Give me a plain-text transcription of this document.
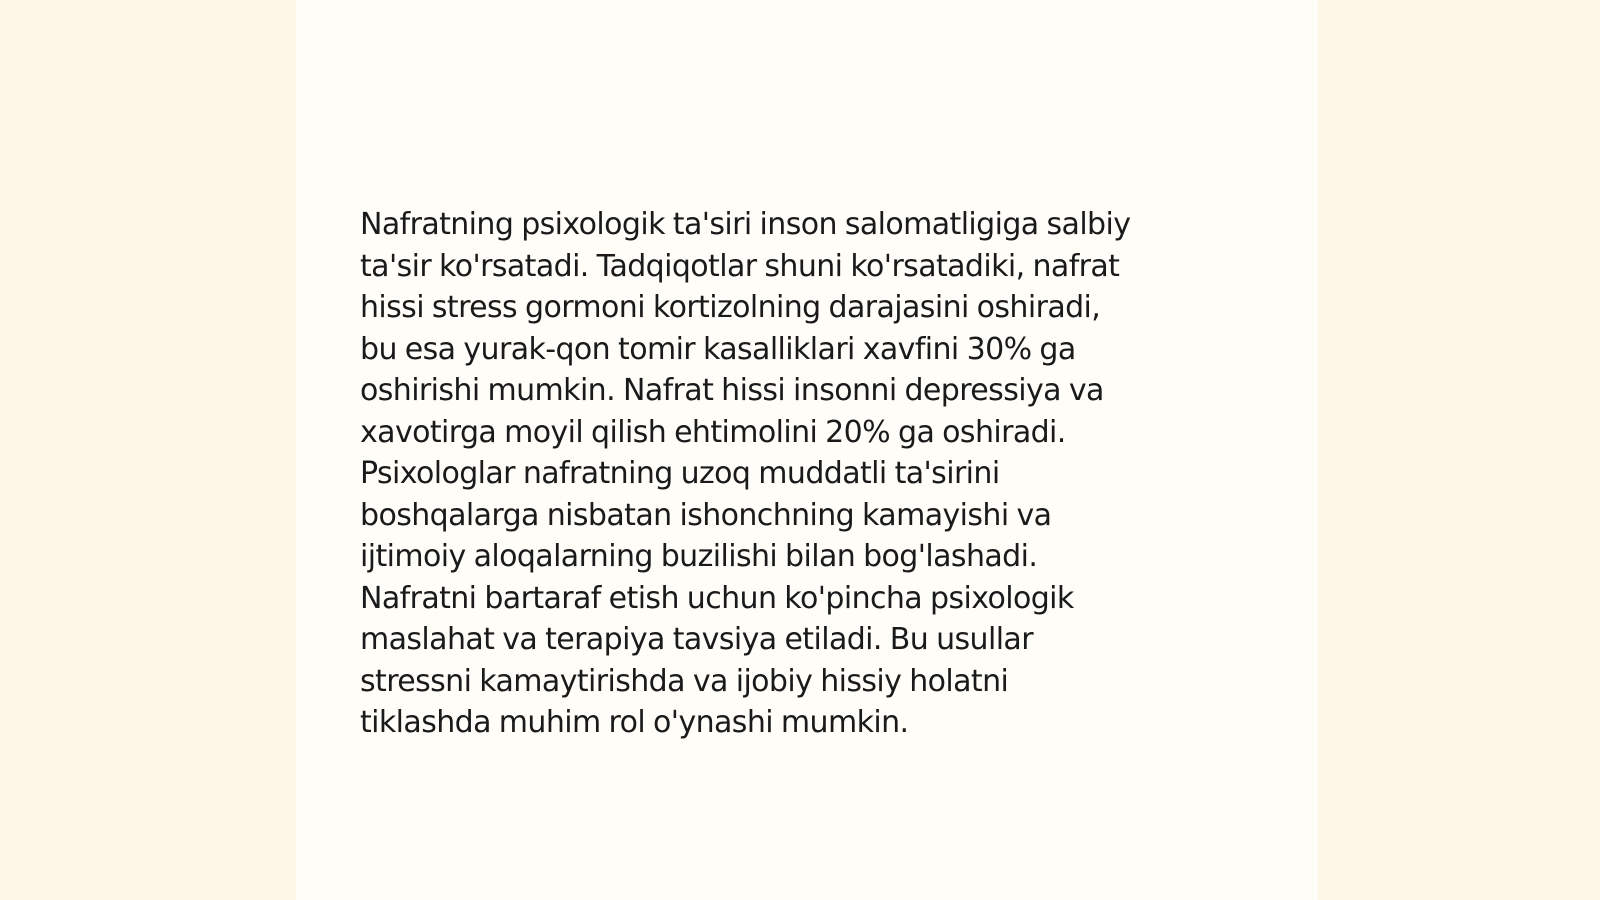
Nafratning psixologik ta'siri inson salomatligiga salbiy
ta'sir ko'rsatadi. Tadqiqotlar shuni ko'rsatadiki, nafrat
hissi stress gormoni kortizolning darajasini oshiradi,
bu esa yurak-qon tomir kasalliklari xavfini 30% ga
oshirishi mumkin. Nafrat hissi insonni depressiya va
xavotirga moyil qilish ehtimolini 20% ga oshiradi.
Psixologlar nafratning uzoq muddatli ta'sirini
boshqalarga nisbatan ishonchning kamayishi va
ijtimoiy aloqalarning buzilishi bilan bog'lashadi.
Nafratni bartaraf etish uchun ko'pincha psixologik
maslahat va terapiya tavsiya etiladi. Bu usullar
stressni kamaytirishda va ijobiy hissiy holatni
tiklashda muhim rol o'ynashi mumkin.
